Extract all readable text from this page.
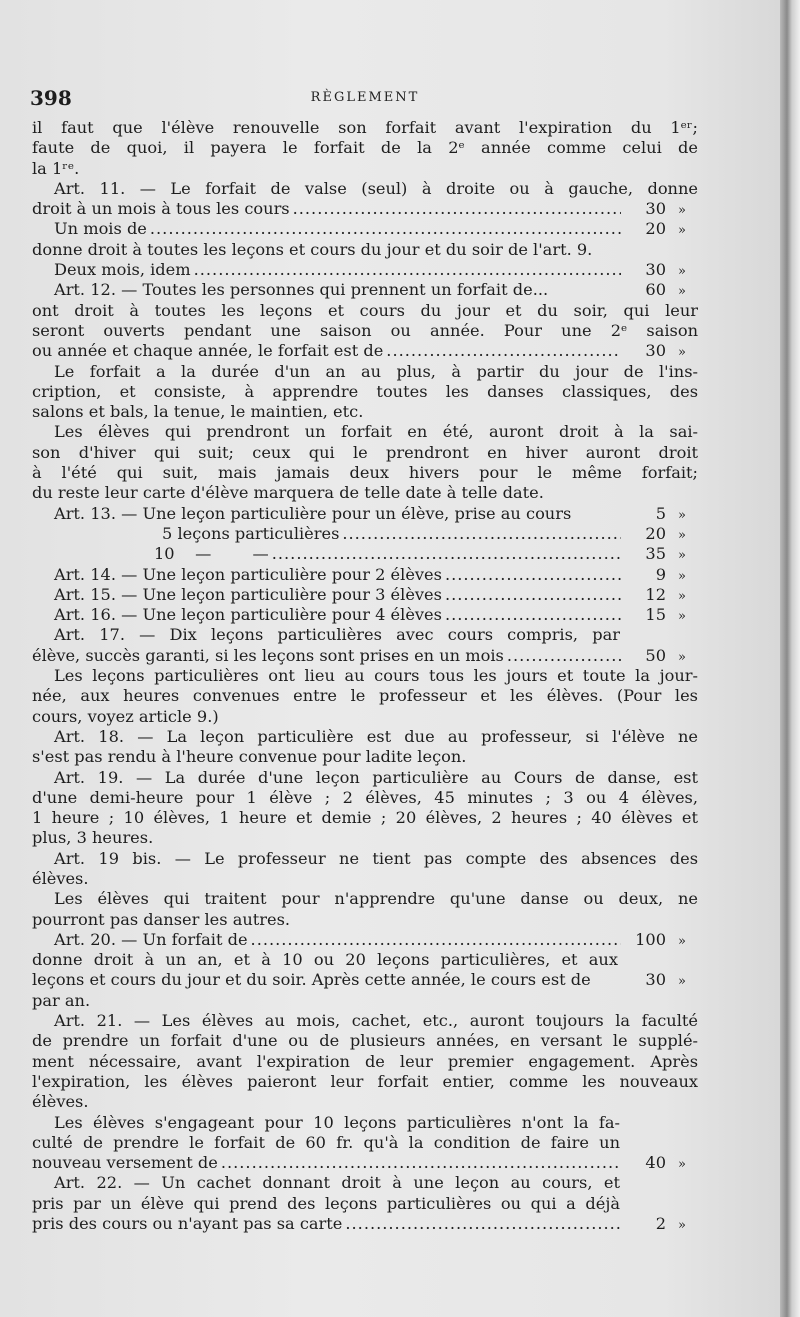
398	RÈGLEMENT
il faut que l'élève renouvelle son forfait avant l'expiration du 1ᵉʳ;
faute de quoi, il payera le forfait de la 2ᵉ année comme celui de
la 1ʳᵉ.
Art. 11. — Le forfait de valse (seul) à droite ou à gauche, donne
droit à un mois à tous les cours .....	30 »
Un mois de .....	20 »
donne droit à toutes les leçons et cours du jour et du soir de l'art. 9.
Deux mois, idem .....	30 »
Art. 12. — Toutes les personnes qui prennent un forfait de...	60 »
ont droit à toutes les leçons et cours du jour et du soir, qui leur
seront ouverts pendant une saison ou année. Pour une 2ᵉ saison
ou année et chaque année, le forfait est de .....	30 »
Le forfait a la durée d'un an au plus, à partir du jour de l'ins-
cription, et consiste, à apprendre toutes les danses classiques, des
salons et bals, la tenue, le maintien, etc.
Les élèves qui prendront un forfait en été, auront droit à la sai-
son d'hiver qui suit; ceux qui le prendront en hiver auront droit
à l'été qui suit, mais jamais deux hivers pour le même forfait;
du reste leur carte d'élève marquera de telle date à telle date.
Art. 13. — Une leçon particulière pour un élève, prise au cours	5 »
5 leçons particulières .....	20 »
10    —        — .....	35 »
Art. 14. — Une leçon particulière pour 2 élèves .....	9 »
Art. 15. — Une leçon particulière pour 3 élèves .....	12 »
Art. 16. — Une leçon particulière pour 4 élèves .....	15 »
Art. 17. — Dix leçons particulières avec cours compris, par
élève, succès garanti, si les leçons sont prises en un mois .....	50 »
Les leçons particulières ont lieu au cours tous les jours et toute la jour-
née, aux heures convenues entre le professeur et les élèves. (Pour les
cours, voyez article 9.)
Art. 18. — La leçon particulière est due au professeur, si l'élève ne
s'est pas rendu à l'heure convenue pour ladite leçon.
Art. 19. — La durée d'une leçon particulière au Cours de danse, est
d'une demi-heure pour 1 élève ; 2 élèves, 45 minutes ; 3 ou 4 élèves,
1 heure ; 10 élèves, 1 heure et demie ; 20 élèves, 2 heures ; 40 élèves et
plus, 3 heures.
Art. 19 bis. — Le professeur ne tient pas compte des absences des
élèves.
Les élèves qui traitent pour n'apprendre qu'une danse ou deux, ne
pourront pas danser les autres.
Art. 20. — Un forfait de .....	100 »
donne droit à un an, et à 10 ou 20 leçons particulières, et aux
leçons et cours du jour et du soir. Après cette année, le cours est de	30 »
par an.
Art. 21. — Les élèves au mois, cachet, etc., auront toujours la faculté
de prendre un forfait d'une ou de plusieurs années, en versant le supplé-
ment nécessaire, avant l'expiration de leur premier engagement. Après
l'expiration, les élèves paieront leur forfait entier, comme les nouveaux
élèves.
Les élèves s'engageant pour 10 leçons particulières n'ont la fa-
culté de prendre le forfait de 60 fr. qu'à la condition de faire un
nouveau versement de .....	40 »
Art. 22. — Un cachet donnant droit à une leçon au cours, et
pris par un élève qui prend des leçons particulières ou qui a déjà
pris des cours ou n'ayant pas sa carte .....	2 »
